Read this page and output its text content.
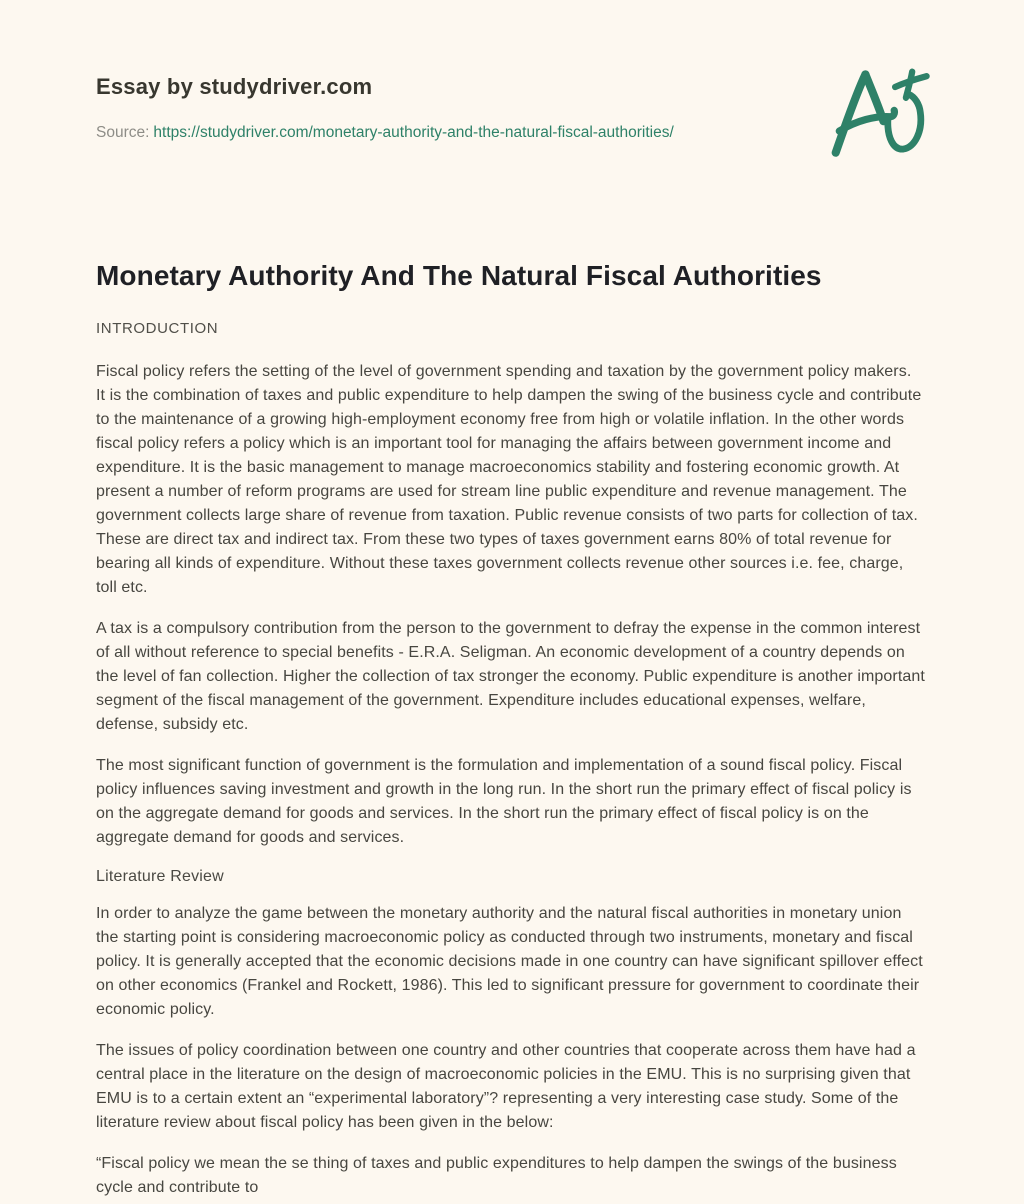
Essay by studydriver.com
Source: https://studydriver.com/monetary-authority-and-the-natural-fiscal-authorities/
Monetary Authority And The Natural Fiscal Authorities
INTRODUCTION

Fiscal policy refers the setting of the level of government spending and taxation by the government policy makers. It is the combination of taxes and public expenditure to help dampen the swing of the business cycle and contribute to the maintenance of a growing high-employment economy free from high or volatile inflation. In the other words fiscal policy refers a policy which is an important tool for managing the affairs between government income and expenditure. It is the basic management to manage macroeconomics stability and fostering economic growth. At present a number of reform programs are used for stream line public expenditure and revenue management. The government collects large share of revenue from taxation. Public revenue consists of two parts for collection of tax. These are direct tax and indirect tax. From these two types of taxes government earns 80% of total revenue for bearing all kinds of expenditure. Without these taxes government collects revenue other sources i.e. fee, charge, toll etc.

A tax is a compulsory contribution from the person to the government to defray the expense in the common interest of all without reference to special benefits - E.R.A. Seligman. An economic development of a country depends on the level of fan collection. Higher the collection of tax stronger the economy. Public expenditure is another important segment of the fiscal management of the government. Expenditure includes educational expenses, welfare, defense, subsidy etc.

The most significant function of government is the formulation and implementation of a sound fiscal policy. Fiscal policy influences saving investment and growth in the long run. In the short run the primary effect of fiscal policy is on the aggregate demand for goods and services. In the short run the primary effect of fiscal policy is on the aggregate demand for goods and services.

Literature Review

In order to analyze the game between the monetary authority and the natural fiscal authorities in monetary union the starting point is considering macroeconomic policy as conducted through two instruments, monetary and fiscal policy. It is generally accepted that the economic decisions made in one country can have significant spillover effect on other economics (Frankel and Rockett, 1986). This led to significant pressure for government to coordinate their economic policy.

The issues of policy coordination between one country and other countries that cooperate across them have had a central place in the literature on the design of macroeconomic policies in the EMU. This is no surprising given that EMU is to a certain extent an “experimental laboratory”? representing a very interesting case study. Some of the literature review about fiscal policy has been given in the below:

“Fiscal policy we mean the se thing of taxes and public expenditures to help dampen the swings of the business cycle and contribute to
